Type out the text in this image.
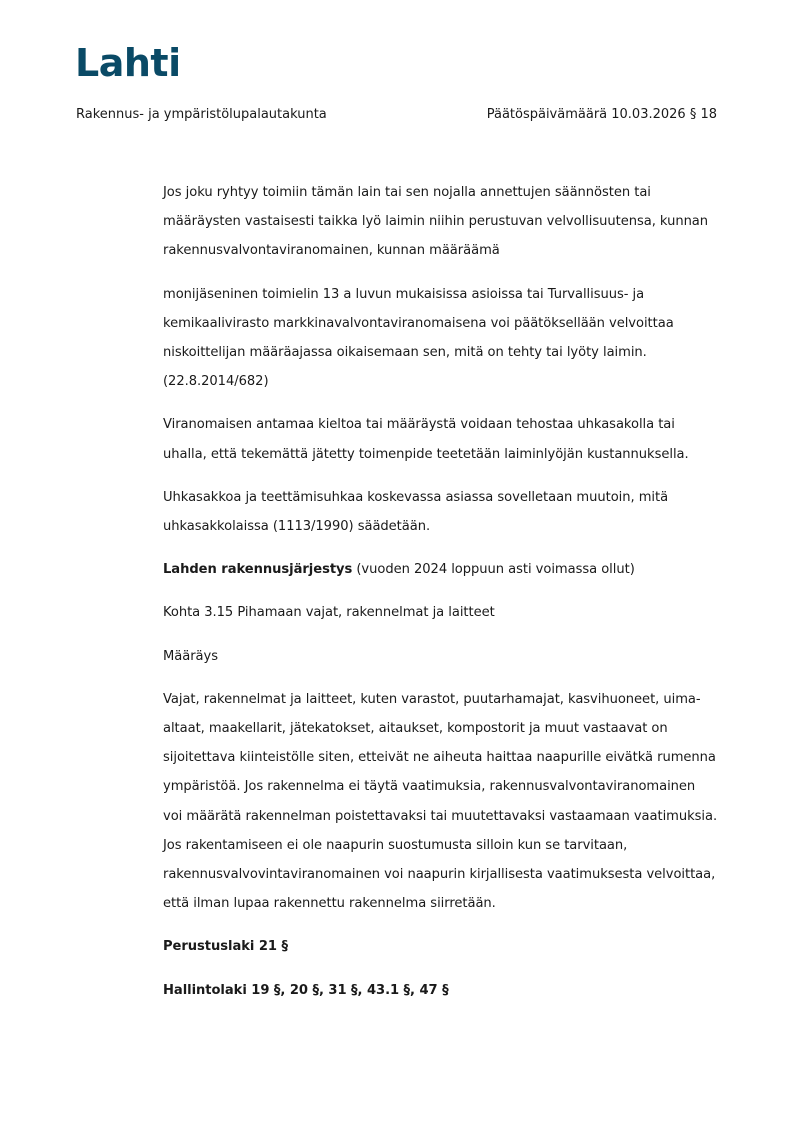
Lahti
Rakennus- ja ympäristölupalautakunta	Päätöspäivämäärä 10.03.2026 § 18

Jos joku ryhtyy toimiin tämän lain tai sen nojalla annettujen säännösten tai
määräysten vastaisesti taikka lyö laimin niihin perustuvan velvollisuutensa, kunnan
rakennusvalvontaviranomainen, kunnan määräämä

monijäseninen toimielin 13 a luvun mukaisissa asioissa tai Turvallisuus- ja
kemikaalivirasto markkinavalvontaviranomaisena voi päätöksellään velvoittaa
niskoittelijan määräajassa oikaisemaan sen, mitä on tehty tai lyöty laimin.
(22.8.2014/682)

Viranomaisen antamaa kieltoa tai määräystä voidaan tehostaa uhkasakolla tai
uhalla, että tekemättä jätetty toimenpide teetetään laiminlyöjän kustannuksella.

Uhkasakkoa ja teettämisuhkaa koskevassa asiassa sovelletaan muutoin, mitä
uhkasakkolaissa (1113/1990) säädetään.

Lahden rakennusjärjestys (vuoden 2024 loppuun asti voimassa ollut)

Kohta 3.15 Pihamaan vajat, rakennelmat ja laitteet

Määräys

Vajat, rakennelmat ja laitteet, kuten varastot, puutarhamajat, kasvihuoneet, uima-
altaat, maakellarit, jätekatokset, aitaukset, kompostorit ja muut vastaavat on
sijoitettava kiinteistölle siten, etteivät ne aiheuta haittaa naapurille eivätkä rumenna
ympäristöä. Jos rakennelma ei täytä vaatimuksia, rakennusvalvontaviranomainen
voi määrätä rakennelman poistettavaksi tai muutettavaksi vastaamaan vaatimuksia.
Jos rakentamiseen ei ole naapurin suostumusta silloin kun se tarvitaan,
rakennusvalvovintaviranomainen voi naapurin kirjallisesta vaatimuksesta velvoittaa,
että ilman lupaa rakennettu rakennelma siirretään.

Perustuslaki 21 §

Hallintolaki 19 §, 20 §, 31 §, 43.1 §, 47 §
